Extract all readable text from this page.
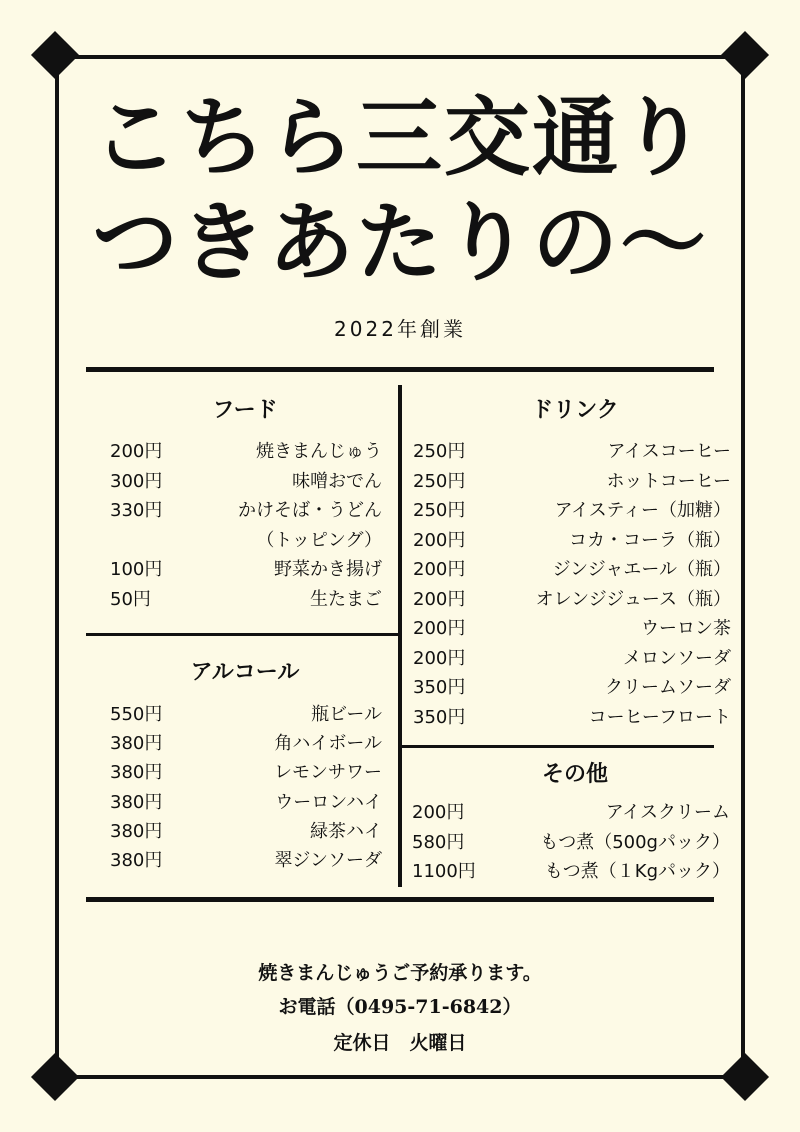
こちら三交通り
つきあたりの〜
2022年創業
フード
200円	焼きまんじゅう
300円	味噌おでん
330円	かけそば・うどん
（トッピング）
100円	野菜かき揚げ
50円	生たまご
アルコール
550円	瓶ビール
380円	角ハイボール
380円	レモンサワー
380円	ウーロンハイ
380円	緑茶ハイ
380円	翠ジンソーダ
ドリンク
250円	アイスコーヒー
250円	ホットコーヒー
250円	アイスティー（加糖）
200円	コカ・コーラ（瓶）
200円	ジンジャエール（瓶）
200円	オレンジジュース（瓶）
200円	ウーロン茶
200円	メロンソーダ
350円	クリームソーダ
350円	コーヒーフロート
その他
200円	アイスクリーム
580円	もつ煮（500gパック）
1100円	もつ煮（１Kgパック）
焼きまんじゅうご予約承ります。
お電話（0495-71-6842）
定休日　火曜日
